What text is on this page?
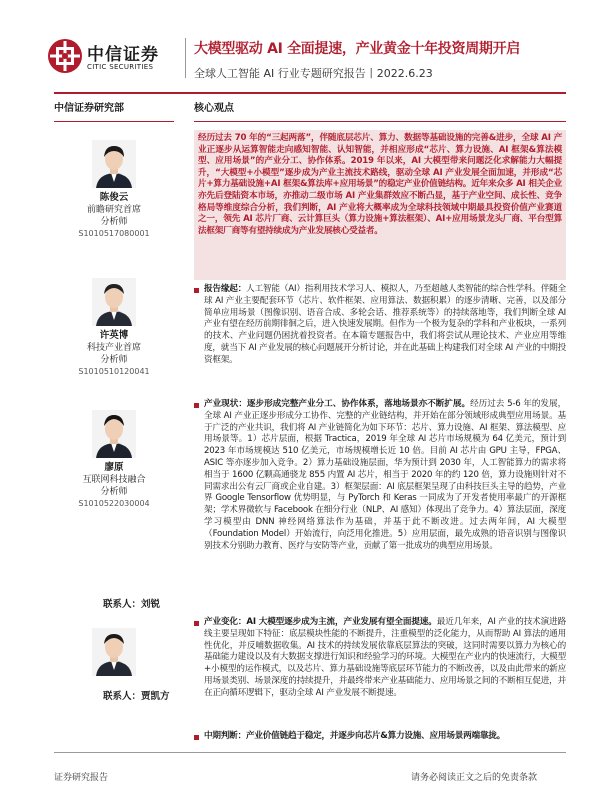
中信证券
CITIC SECURITIES
大模型驱动 AI 全面提速，产业黄金十年投资周期开启
全球人工智能 AI 行业专题研究报告丨2022.6.23
中信证券研究部
陈俊云
前瞻研究首席
分析师
S1010517080001
许英博
科技产业首席
分析师
S1010510120041
廖原
互联网科技融合
分析师
S1010522030004
联系人：刘锐
联系人：贾凯方
核心观点

经历过去 70 年的“三起两落”，伴随底层芯片、算力、数据等基础设施的完善&进步，全球 AI 产业正逐步从运算智能走向感知智能、认知智能，并相应形成“芯片、算力设施、AI 框架&算法模型、应用场景”的产业分工、协作体系。2019 年以来，AI 大模型带来问题泛化求解能力大幅提升，“大模型+小模型”逐步成为产业主流技术路线，驱动全球 AI 产业发展全面加速，并形成“芯片+算力基础设施+AI 框架&算法库+应用场景”的稳定产业价值链结构。近年来众多 AI 相关企业亦先后登陆资本市场，亦推动二级市场 AI 产业集群效应不断凸显，基于产业空间、成长性、竞争格局等维度综合分析，我们判断，AI 产业将大概率成为全球科技领域中期最具投资价值产业赛道之一，领先 AI 芯片厂商、云计算巨头（算力设施+算法框架）、AI+应用场景龙头厂商、平台型算法框架厂商等有望持续成为产业发展核心受益者。

报告缘起：人工智能（AI）指利用技术学习人、模拟人，乃至超越人类智能的综合性学科。伴随全球 AI 产业主要配套环节（芯片、软件框架、应用算法、数据积累）的逐步清晰、完善，以及部分简单应用场景（图像识别、语音合成、多轮会话、推荐系统等）的持续落地等，我们判断全球 AI 产业有望在经历前期徘徊之后，进入快速发展期。但作为一个极为复杂的学科和产业板块，一系列的技术、产业问题仍困扰着投资者。在本篇专题报告中，我们将尝试从理论技术、产业应用等维度，就当下 AI 产业发展的核心问题展开分析讨论，并在此基础上构建我们对全球 AI 产业的中期投资框架。

产业现状：逐步形成完整产业分工、协作体系，落地场景亦不断扩展。经历过去 5-6 年的发展，全球 AI 产业正逐步形成分工协作、完整的产业链结构，并开始在部分领域形成典型应用场景。基于广泛的产业共识，我们将 AI 产业链简化为如下环节：芯片、算力设施、AI 框架、算法模型、应用场景等。1）芯片层面，根据 Tractica，2019 年全球 AI 芯片市场规模为 64 亿美元，预计到 2023 年市场规模达 510 亿美元，市场规模增长近 10 倍。目前 AI 芯片由 GPU 主导，FPGA、ASIC 等亦逐步加入竞争。2）算力基础设施层面，华为预计到 2030 年，人工智能算力的需求将相当于 1600 亿颗高通骁龙 855 内置 AI 芯片，相当于 2020 年的约 120 倍，算力设施则针对不同需求出公有云厂商或企业自建。3）框架层面：AI 底层框架呈现了由科技巨头主导的趋势，产业界 Google Tensorflow 优势明显，与 PyTorch 和 Keras 一同成为了开发者使用率最广的开源框架；学术界微软与 Facebook 在细分行业（NLP、AI 感知）体现出了竞争力。4）算法层面，深度学习模型由 DNN 神经网络算法作为基础，并基于此不断改进。过去两年间，AI 大模型（Foundation Model）开始流行，向泛用化推进。5）应用层面，最先成熟的语音识别与图像识别技术分别助力教育、医疗与安防等产业，贡献了第一批成功的典型应用场景。

产业变化：AI 大模型逐步成为主流，产业发展有望全面提速。最近几年来，AI 产业的技术演进路线主要呈现如下特征：底层模块性能的不断提升，注重模型的泛化能力，从而帮助 AI 算法的通用性优化，并反哺数据收集。AI 技术的持续发展依靠底层算法的突破，这同时需要以算力为核心的基础能力建设以及有大数据支撑进行知识和经验学习的环境。大模型在产业内的快速流行，大模型+小模型的运作模式，以及芯片、算力基础设施等底层环节能力的不断改善，以及由此带来的新应用场景类别、场景深度的持续提升，并最终带来产业基础能力、应用场景之间的不断相互促进，并在正向循环逻辑下，驱动全球 AI 产业发展不断提速。

中期判断：产业价值链趋于稳定，并逐步向芯片&算力设施、应用场景两端靠拢。

证券研究报告	请务必阅读正文之后的免责条款
